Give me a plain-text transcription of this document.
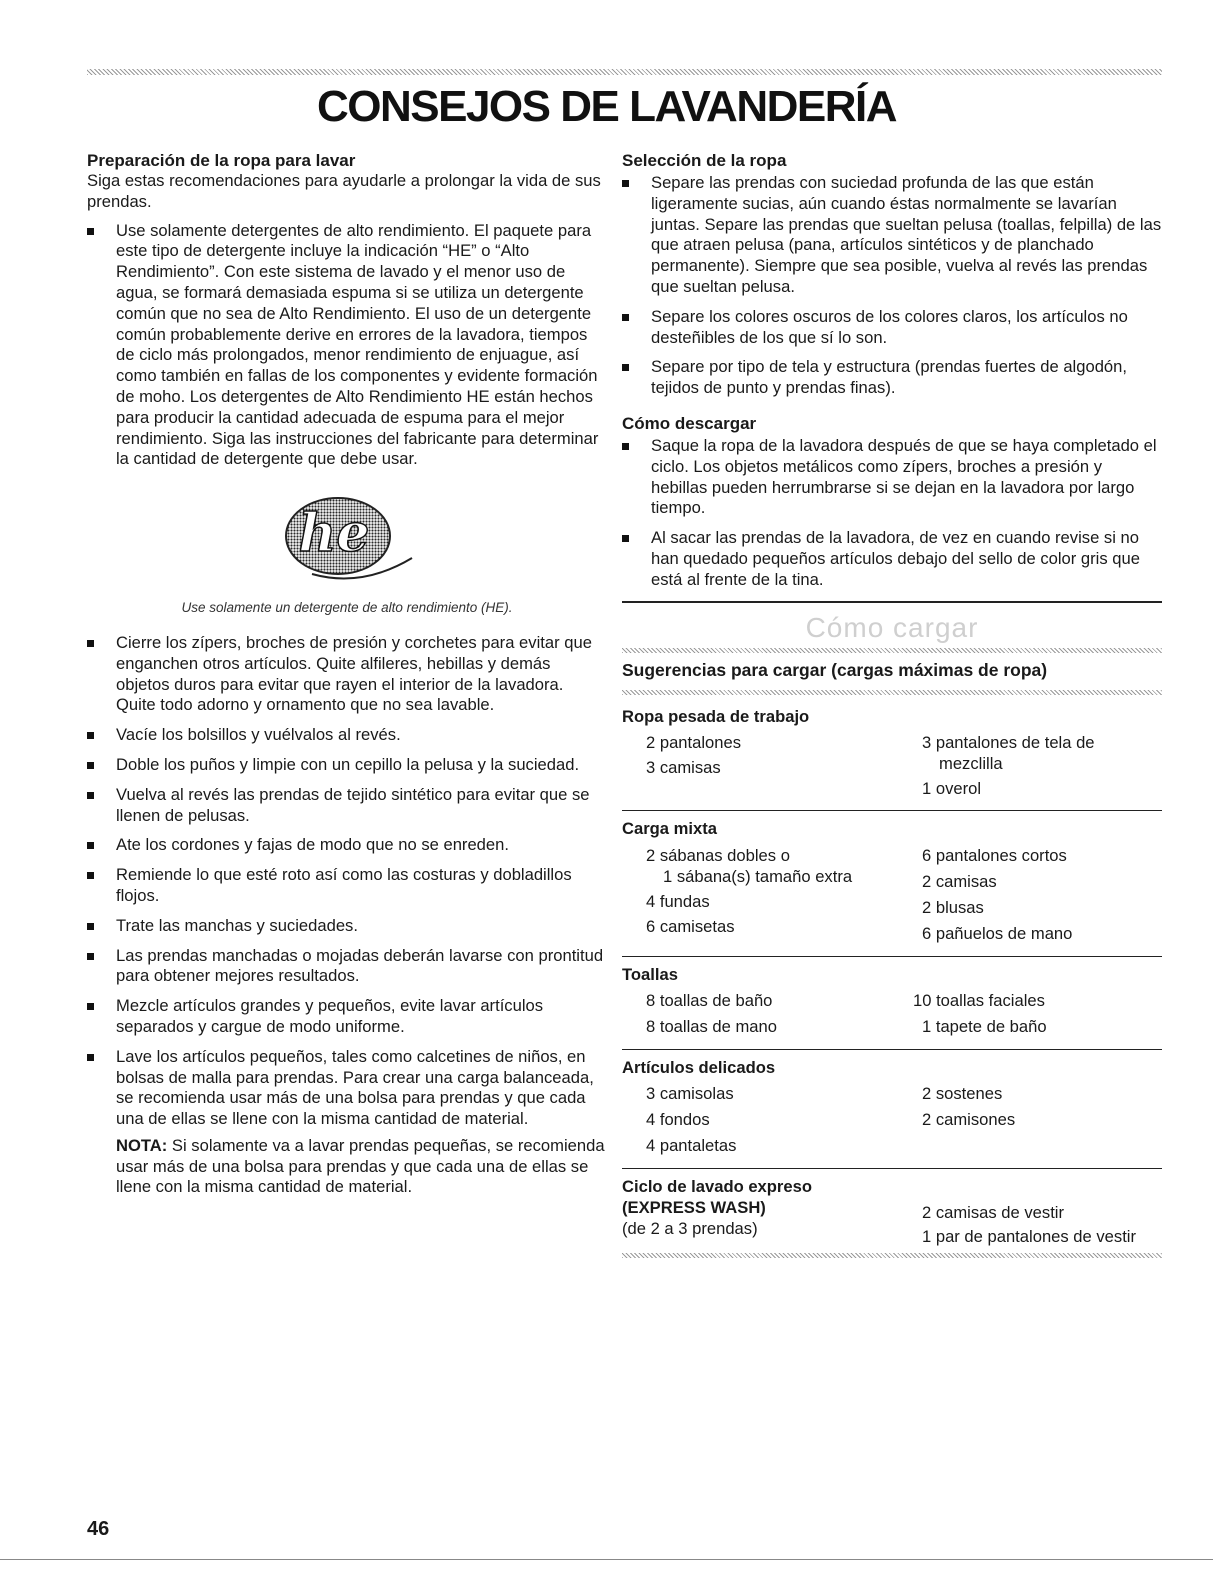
CONSEJOS DE LAVANDERÍA
Preparación de la ropa para lavar

Siga estas recomendaciones para ayudarle a prolongar la vida de sus prendas.

Use solamente detergentes de alto rendimiento. El paquete para este tipo de detergente incluye la indicación “HE” o “Alto Rendimiento”. Con este sistema de lavado y el menor uso de agua, se formará demasiada espuma si se utiliza un detergente común que no sea de Alto Rendimiento. El uso de un detergente común probablemente derive en errores de la lavadora, tiempos de ciclo más prolongados, menor rendimiento de enjuague, así como también en fallas de los componentes y evidente formación de moho. Los detergentes de Alto Rendimiento HE están hechos para producir la cantidad adecuada de espuma para el mejor rendimiento. Siga las instrucciones del fabricante para determinar la cantidad de detergente que debe usar.
he

Use solamente un detergente de alto rendimiento (HE).

Cierre los zípers, broches de presión y corchetes para evitar que enganchen otros artículos. Quite alfileres, hebillas y demás objetos duros para evitar que rayen el interior de la lavadora. Quite todo adorno y ornamento que no sea lavable.
Vacíe los bolsillos y vuélvalos al revés.
Doble los puños y limpie con un cepillo la pelusa y la suciedad.
Vuelva al revés las prendas de tejido sintético para evitar que se llenen de pelusas.
Ate los cordones y fajas de modo que no se enreden.
Remiende lo que esté roto así como las costuras y dobladillos flojos.
Trate las manchas y suciedades.
Las prendas manchadas o mojadas deberán lavarse con prontitud para obtener mejores resultados.
Mezcle artículos grandes y pequeños, evite lavar artículos separados y cargue de modo uniforme.
Lave los artículos pequeños, tales como calcetines de niños, en bolsas de malla para prendas. Para crear una carga balanceada, se recomienda usar más de una bolsa para prendas y que cada una de ellas se llene con la misma cantidad de material.

NOTA: Si solamente va a lavar prendas pequeñas, se recomienda usar más de una bolsa para prendas y que cada una de ellas se llene con la misma cantidad de material.

Selección de la ropa
Separe las prendas con suciedad profunda de las que están ligeramente sucias, aún cuando éstas normalmente se lavarían juntas. Separe las prendas que sueltan pelusa (toallas, felpilla) de las que atraen pelusa (pana, artículos sintéticos y de planchado permanente). Siempre que sea posible, vuelva al revés las prendas que sueltan pelusa.
Separe los colores oscuros de los colores claros, los artículos no desteñibles de los que sí lo son.
Separe por tipo de tela y estructura (prendas fuertes de algodón, tejidos de punto y prendas finas).
Cómo descargar
Saque la ropa de la lavadora después de que se haya completado el ciclo. Los objetos metálicos como zípers, broches a presión y hebillas pueden herrumbrarse si se dejan en la lavadora por largo tiempo.
Al sacar las prendas de la lavadora, de vez en cuando revise si no han quedado pequeños artículos debajo del sello de color gris que está al frente de la tina.
Cómo cargar
Sugerencias para cargar (cargas máximas de ropa)
Ropa pesada de trabajo
2 pantalones
3 camisas
3 pantalones de tela de
mezclilla
1 overol
Carga mixta
2 sábanas dobles o
1 sábana(s) tamaño extra
4 fundas
6 camisetas
6 pantalones cortos
2 camisas
2 blusas
6 pañuelos de mano
Toallas
8 toallas de baño
8 toallas de mano
10 toallas faciales
1 tapete de baño
Artículos delicados
3 camisolas
4 fondos
4 pantaletas
2 sostenes
2 camisones
Ciclo de lavado expreso
(EXPRESS WASH)
(de 2 a 3 prendas)
2 camisas de vestir
1 par de pantalones de vestir
46
